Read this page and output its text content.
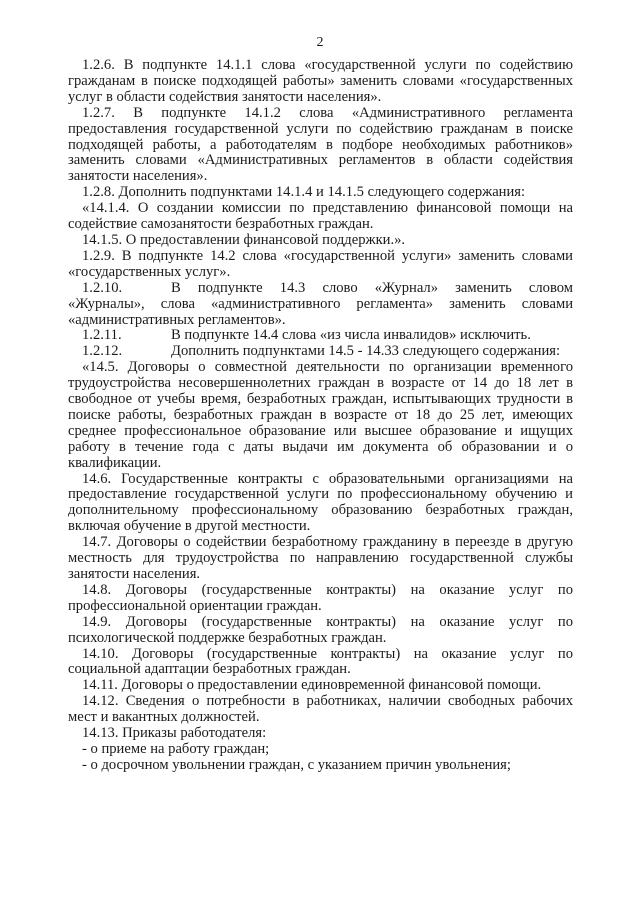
2

1.2.6. В подпункте 14.1.1 слова «государственной услуги по содействию гражданам в поиске подходящей работы» заменить словами «государственных услуг в области содействия занятости населения».

1.2.7. В подпункте 14.1.2 слова «Административного регламента предоставления государственной услуги по содействию гражданам в поиске подходящей работы, а работодателям в подборе необходимых работников» заменить словами «Административных регламентов в области содействия занятости населения».

1.2.8. Дополнить подпунктами 14.1.4 и 14.1.5 следующего содержания:

«14.1.4. О создании комиссии по представлению финансовой помощи на содействие самозанятости безработных граждан.

14.1.5. О предоставлении финансовой поддержки.».

1.2.9. В подпункте 14.2 слова «государственной услуги» заменить словами «государственных услуг».

1.2.10.	В подпункте 14.3 слово «Журнал» заменить словом

«Журналы», слова «административного регламента» заменить словами «административных регламентов».

1.2.11.	В подпункте 14.4 слова «из числа инвалидов» исключить.
1.2.12.	Дополнить подпунктами 14.5 - 14.33 следующего содержания:

«14.5. Договоры о совместной деятельности по организации временного трудоустройства несовершеннолетних граждан в возрасте от 14 до 18 лет в свободное от учебы время, безработных граждан, испытывающих трудности в поиске работы, безработных граждан в возрасте от 18 до 25 лет, имеющих среднее профессиональное образование или высшее образование и ищущих работу в течение года с даты выдачи им документа об образовании и о квалификации.

14.6. Государственные контракты с образовательными организациями на предоставление государственной услуги по профессиональному обучению и дополнительному профессиональному образованию безработных граждан, включая обучение в другой местности.

14.7. Договоры о содействии безработному гражданину в переезде в другую местность для трудоустройства по направлению государственной службы занятости населения.

14.8. Договоры (государственные контракты) на оказание услуг по профессиональной ориентации граждан.

14.9. Договоры (государственные контракты) на оказание услуг по психологической поддержке безработных граждан.

14.10. Договоры (государственные контракты) на оказание услуг по социальной адаптации безработных граждан.

14.11. Договоры о предоставлении единовременной финансовой помощи.

14.12. Сведения о потребности в работниках, наличии свободных рабочих мест и вакантных должностей.

14.13. Приказы работодателя:

- о приеме на работу граждан;

- о досрочном увольнении граждан, с указанием причин увольнения;
